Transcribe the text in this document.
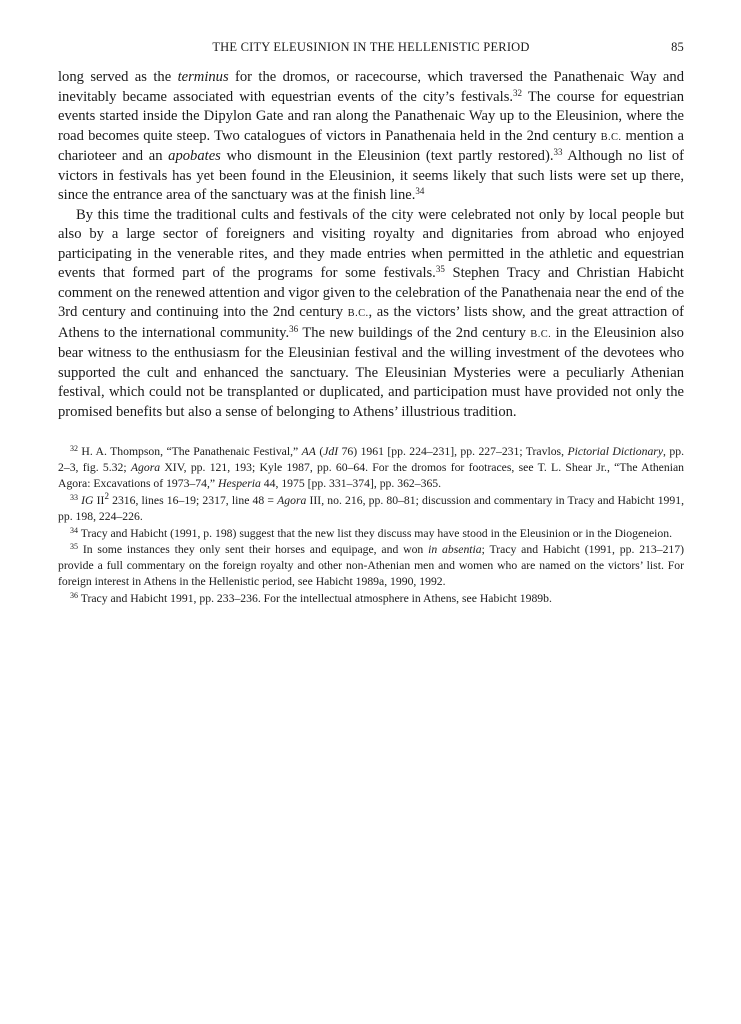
THE CITY ELEUSINION IN THE HELLENISTIC PERIOD	85

long served as the terminus for the dromos, or racecourse, which traversed the Panathenaic Way and inevitably became associated with equestrian events of the city’s festivals.$^{32}$ The course for equestrian events started inside the Dipylon Gate and ran along the Panathenaic Way up to the Eleusinion, where the road becomes quite steep. Two catalogues of victors in Panathenaia held in the 2nd century B.C. mention a charioteer and an apobates who dismount in the Eleusinion (text partly restored).$^{33}$ Although no list of victors in festivals has yet been found in the Eleusinion, it seems likely that such lists were set up there, since the entrance area of the sanctuary was at the finish line.$^{34}$

By this time the traditional cults and festivals of the city were celebrated not only by local people but also by a large sector of foreigners and visiting royalty and dignitaries from abroad who enjoyed participating in the venerable rites, and they made entries when permitted in the athletic and equestrian events that formed part of the programs for some festivals.$^{35}$ Stephen Tracy and Christian Habicht comment on the renewed attention and vigor given to the celebration of the Panathenaia near the end of the 3rd century and continuing into the 2nd century B.C., as the victors’ lists show, and the great attraction of Athens to the international community.$^{36}$ The new buildings of the 2nd century B.C. in the Eleusinion also bear witness to the enthusiasm for the Eleusinian festival and the willing investment of the devotees who supported the cult and enhanced the sanctuary. The Eleusinian Mysteries were a peculiarly Athenian festival, which could not be transplanted or duplicated, and participation must have provided not only the promised benefits but also a sense of belonging to Athens’ illustrious tradition.

$^{32}$ H. A. Thompson, “The Panathenaic Festival,” AA (JdI 76) 1961 [pp. 224–231], pp. 227–231; Travlos, Pictorial Dictionary, pp. 2–3, fig. 5.32; Agora XIV, pp. 121, 193; Kyle 1987, pp. 60–64. For the dromos for footraces, see T. L. Shear Jr., “The Athenian Agora: Excavations of 1973–74,” Hesperia 44, 1975 [pp. 331–374], pp. 362–365.

$^{33}$ IG $II^2$ 2316, lines 16–19; 2317, line 48 = Agora III, no. 216, pp. 80–81; discussion and commentary in Tracy and Habicht 1991, pp. 198, 224–226.

$^{34}$ Tracy and Habicht (1991, p. 198) suggest that the new list they discuss may have stood in the Eleusinion or in the Diogeneion.

$^{35}$ In some instances they only sent their horses and equipage, and won in absentia; Tracy and Habicht (1991, pp. 213–217) provide a full commentary on the foreign royalty and other non-Athenian men and women who are named on the victors’ list. For foreign interest in Athens in the Hellenistic period, see Habicht 1989a, 1990, 1992.

$^{36}$ Tracy and Habicht 1991, pp. 233–236. For the intellectual atmosphere in Athens, see Habicht 1989b.
